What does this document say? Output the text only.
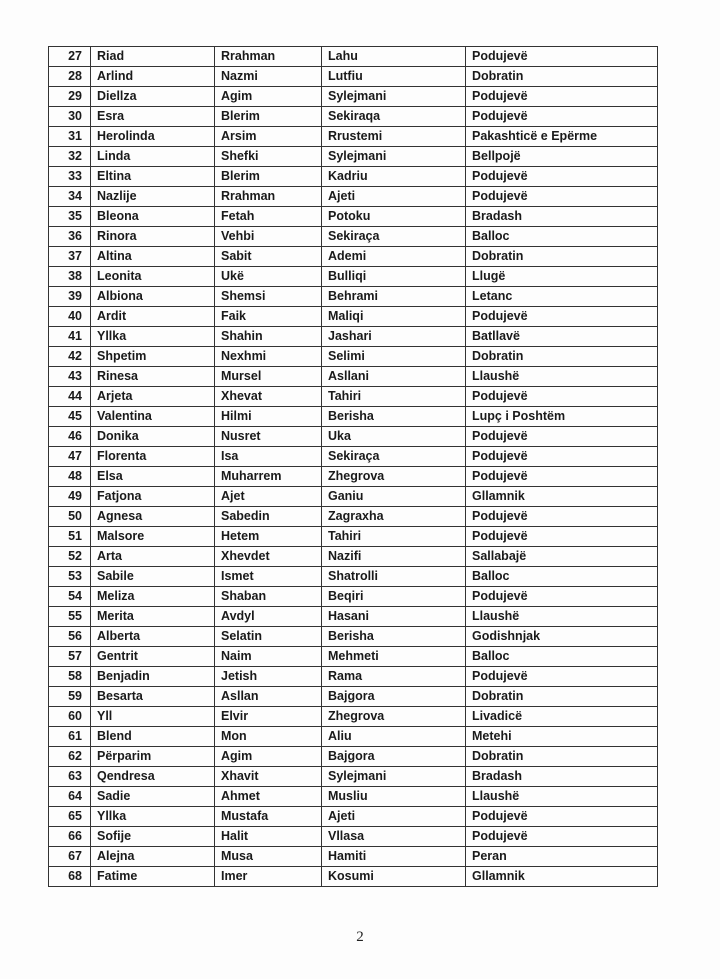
27	Riad	Rrahman	Lahu	Podujevë
28	Arlind	Nazmi	Lutfiu	Dobratin
29	Diellza	Agim	Sylejmani	Podujevë
30	Esra	Blerim	Sekiraqa	Podujevë
31	Herolinda	Arsim	Rrustemi	Pakashticë e Epërme
32	Linda	Shefki	Sylejmani	Bellpojë
33	Eltina	Blerim	Kadriu	Podujevë
34	Nazlije	Rrahman	Ajeti	Podujevë
35	Bleona	Fetah	Potoku	Bradash
36	Rinora	Vehbi	Sekiraça	Balloc
37	Altina	Sabit	Ademi	Dobratin
38	Leonita	Ukë	Bulliqi	Llugë
39	Albiona	Shemsi	Behrami	Letanc
40	Ardit	Faik	Maliqi	Podujevë
41	Yllka	Shahin	Jashari	Batllavë
42	Shpetim	Nexhmi	Selimi	Dobratin
43	Rinesa	Mursel	Asllani	Llaushë
44	Arjeta	Xhevat	Tahiri	Podujevë
45	Valentina	Hilmi	Berisha	Lupç i Poshtëm
46	Donika	Nusret	Uka	Podujevë
47	Florenta	Isa	Sekiraça	Podujevë
48	Elsa	Muharrem	Zhegrova	Podujevë
49	Fatjona	Ajet	Ganiu	Gllamnik
50	Agnesa	Sabedin	Zagraxha	Podujevë
51	Malsore	Hetem	Tahiri	Podujevë
52	Arta	Xhevdet	Nazifi	Sallabajë
53	Sabile	Ismet	Shatrolli	Balloc
54	Meliza	Shaban	Beqiri	Podujevë
55	Merita	Avdyl	Hasani	Llaushë
56	Alberta	Selatin	Berisha	Godishnjak
57	Gentrit	Naim	Mehmeti	Balloc
58	Benjadin	Jetish	Rama	Podujevë
59	Besarta	Asllan	Bajgora	Dobratin
60	Yll	Elvir	Zhegrova	Livadicë
61	Blend	Mon	Aliu	Metehi
62	Përparim	Agim	Bajgora	Dobratin
63	Qendresa	Xhavit	Sylejmani	Bradash
64	Sadie	Ahmet	Musliu	Llaushë
65	Yllka	Mustafa	Ajeti	Podujevë
66	Sofije	Halit	Vllasa	Podujevë
67	Alejna	Musa	Hamiti	Peran
68	Fatime	Imer	Kosumi	Gllamnik
2
